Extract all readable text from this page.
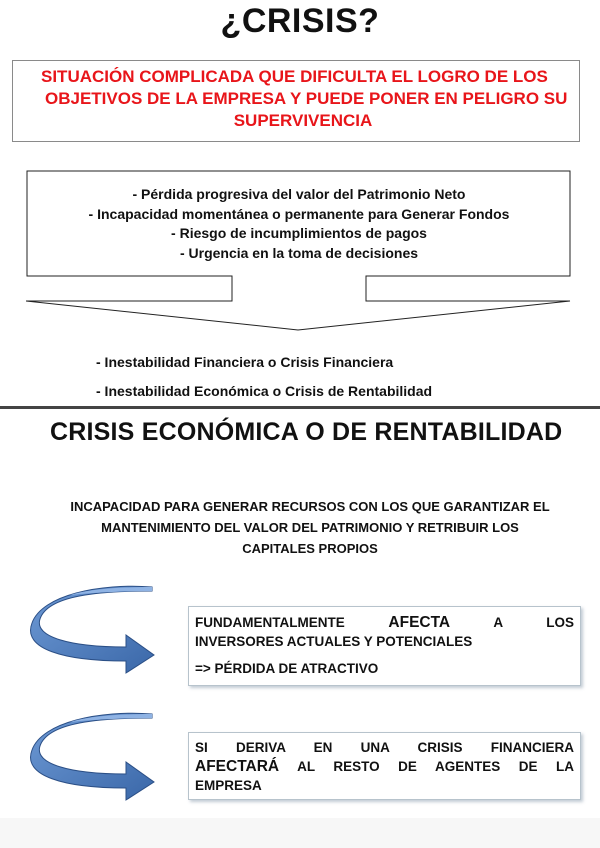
¿CRISIS?
SITUACIÓN COMPLICADA QUE DIFICULTA EL LOGRO DE LOS
OBJETIVOS DE LA EMPRESA Y PUEDE PONER EN PELIGRO SU
SUPERVIVENCIA
- Pérdida progresiva del valor del Patrimonio Neto
- Incapacidad momentánea o permanente para Generar Fondos
- Riesgo de incumplimientos de pagos
- Urgencia en la toma de decisiones
- Inestabilidad Financiera o Crisis Financiera
- Inestabilidad Económica o Crisis de Rentabilidad
CRISIS ECONÓMICA O DE RENTABILIDAD
INCAPACIDAD PARA GENERAR RECURSOS CON LOS QUE GARANTIZAR EL
MANTENIMIENTO DEL VALOR DEL PATRIMONIO Y RETRIBUIR LOS
CAPITALES PROPIOS
FUNDAMENTALMENTE	AFECTA	A LOS
INVERSORES ACTUALES Y POTENCIALES
=> PÉRDIDA DE ATRACTIVO
SI DERIVA EN UNA CRISIS FINANCIERA
AFECTARÁ AL RESTO DE AGENTES DE LA
EMPRESA
